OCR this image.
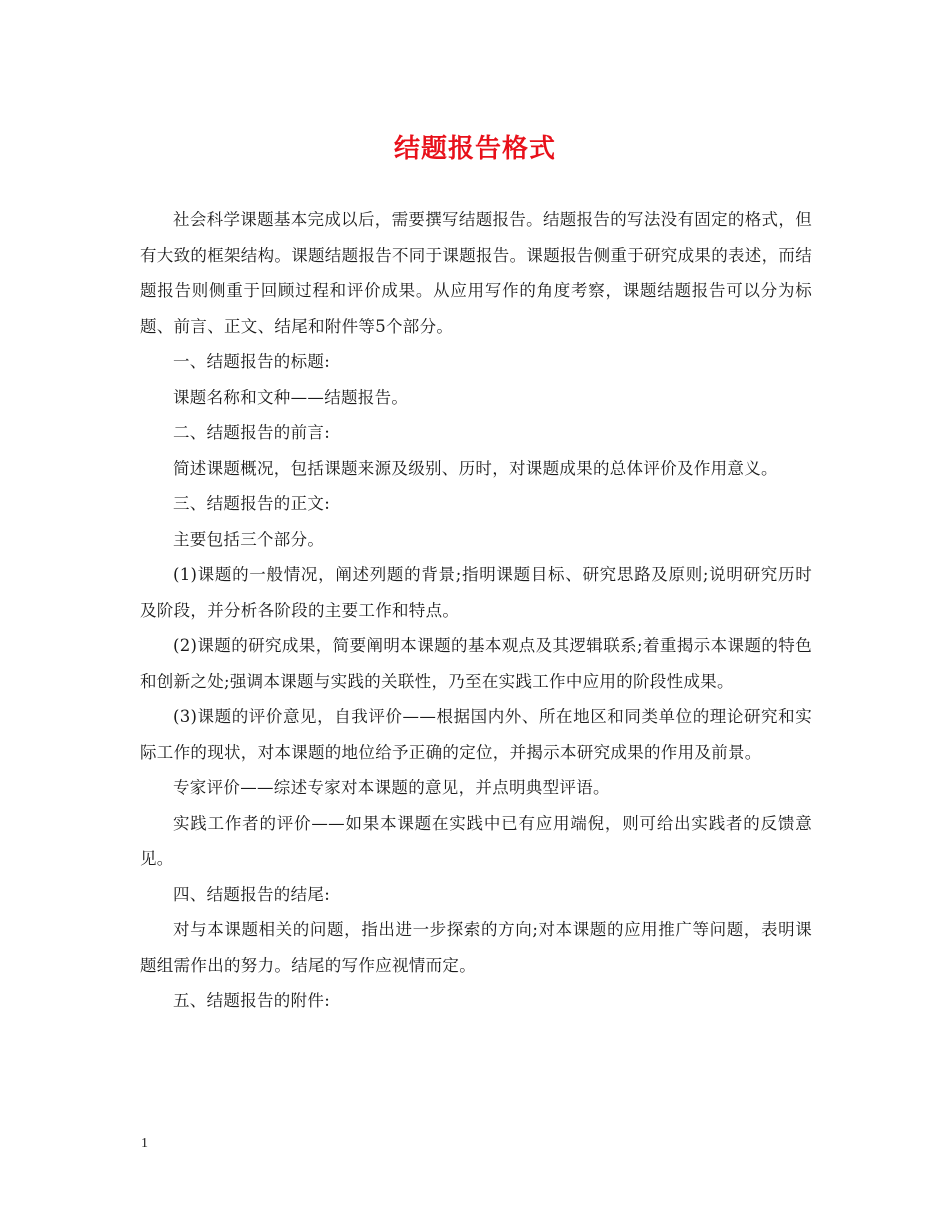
结题报告格式

社会科学课题基本完成以后，需要撰写结题报告。结题报告的写法没有固定的格式，但有大致的框架结构。课题结题报告不同于课题报告。课题报告侧重于研究成果的表述，而结题报告则侧重于回顾过程和评价成果。从应用写作的角度考察，课题结题报告可以分为标题、前言、正文、结尾和附件等5个部分。

一、结题报告的标题:

课题名称和文种——结题报告。

二、结题报告的前言:

简述课题概况，包括课题来源及级别、历时，对课题成果的总体评价及作用意义。

三、结题报告的正文:

主要包括三个部分。

(1)课题的一般情况，阐述列题的背景;指明课题目标、研究思路及原则;说明研究历时及阶段，并分析各阶段的主要工作和特点。

(2)课题的研究成果，简要阐明本课题的基本观点及其逻辑联系;着重揭示本课题的特色和创新之处;强调本课题与实践的关联性，乃至在实践工作中应用的阶段性成果。

(3)课题的评价意见，自我评价——根据国内外、所在地区和同类单位的理论研究和实际工作的现状，对本课题的地位给予正确的定位，并揭示本研究成果的作用及前景。

专家评价——综述专家对本课题的意见，并点明典型评语。

实践工作者的评价——如果本课题在实践中已有应用端倪，则可给出实践者的反馈意见。

四、结题报告的结尾:

对与本课题相关的问题，指出进一步探索的方向;对本课题的应用推广等问题，表明课题组需作出的努力。结尾的写作应视情而定。

五、结题报告的附件:

1
